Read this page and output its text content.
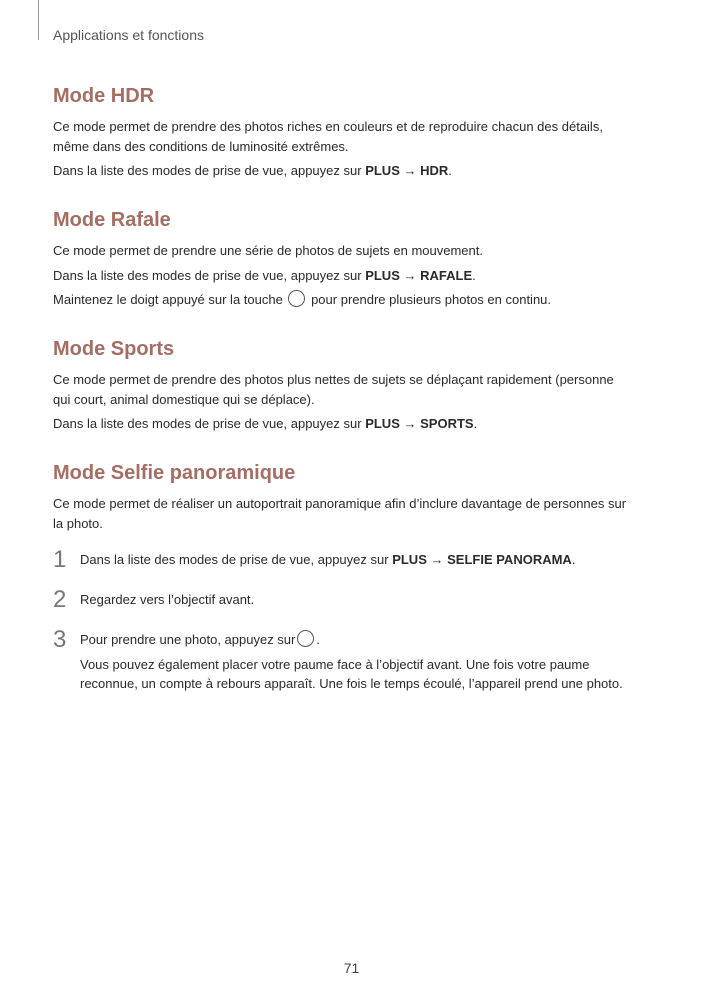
Applications et fonctions
Mode HDR

Ce mode permet de prendre des photos riches en couleurs et de reproduire chacun des détails,
même dans des conditions de luminosité extrêmes.

Dans la liste des modes de prise de vue, appuyez sur PLUS → HDR.

Mode Rafale

Ce mode permet de prendre une série de photos de sujets en mouvement.

Dans la liste des modes de prise de vue, appuyez sur PLUS → RAFALE.

Maintenez le doigt appuyé sur la touche pour prendre plusieurs photos en continu.

Mode Sports

Ce mode permet de prendre des photos plus nettes de sujets se déplaçant rapidement (personne
qui court, animal domestique qui se déplace).

Dans la liste des modes de prise de vue, appuyez sur PLUS → SPORTS.

Mode Selfie panoramique

Ce mode permet de réaliser un autoportrait panoramique afin d’inclure davantage de personnes sur
la photo.

1 Dans la liste des modes de prise de vue, appuyez sur PLUS → SELFIE PANORAMA.
2 Regardez vers l’objectif avant.
3 Pour prendre une photo, appuyez sur .
Vous pouvez également placer votre paume face à l’objectif avant. Une fois votre paume
reconnue, un compte à rebours apparaît. Une fois le temps écoulé, l’appareil prend une photo.
71
